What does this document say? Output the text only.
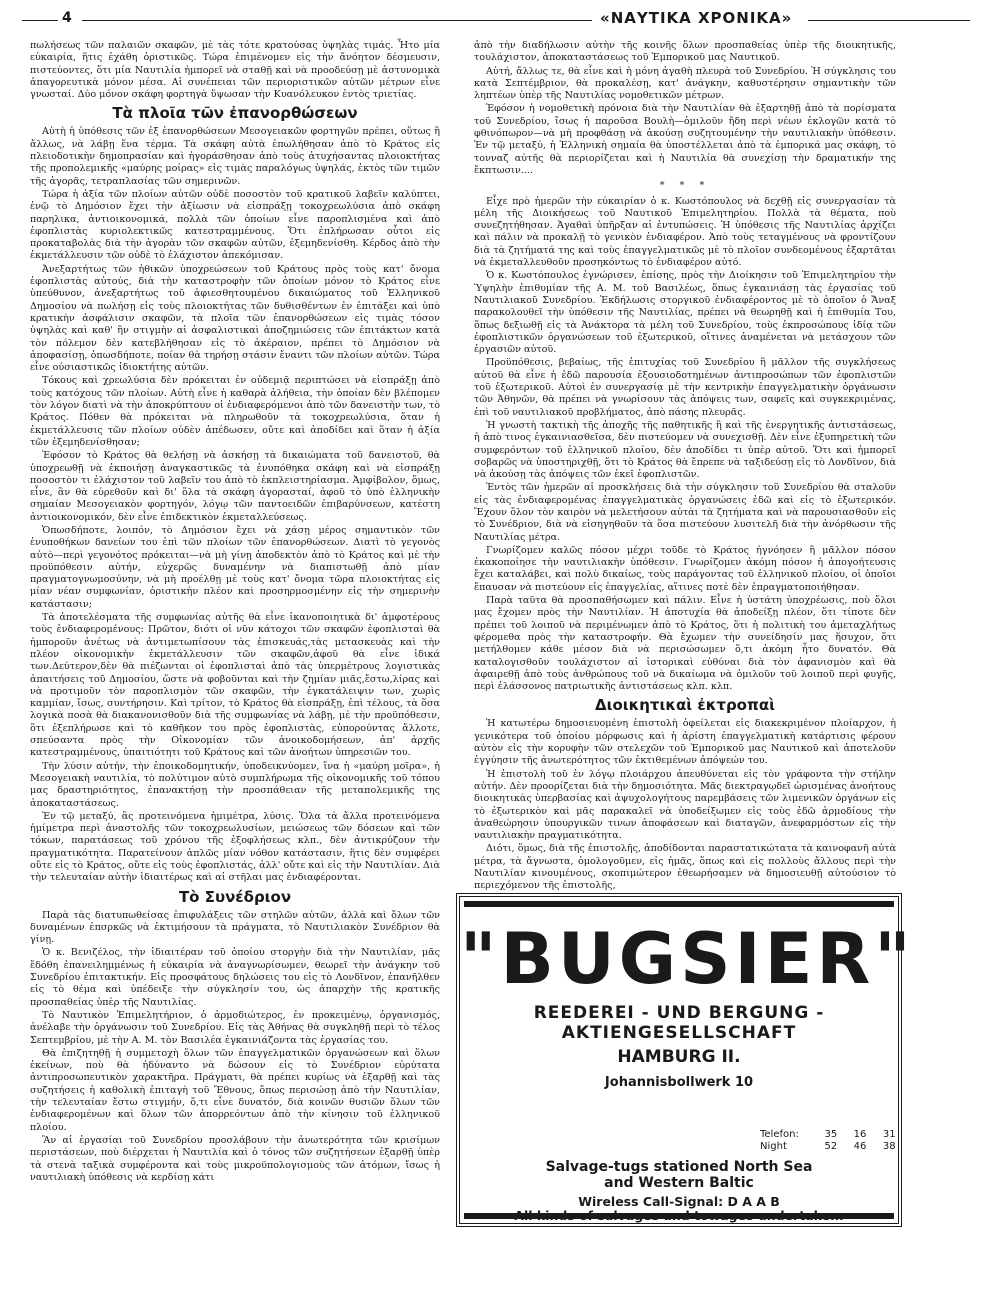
4	«ΝΑΥΤΙΚΑ ΧΡΟΝΙΚΑ»

πωλήσεως τῶν παλαιῶν σκαφῶν, μὲ τὰς τότε κρατούσας ὑψηλὰς τιμάς. Ἦτο μία εὐκαιρία, ἥτις ἐχάθη ὁριστικῶς. Τώρα ἐπιμένομεν εἰς τὴν ἄνόητον δέσμευσιν, πιστεύοντες, ὅτι μία Ναυτιλία ἠμπορεῖ νὰ σταθῇ καὶ νὰ προοδεύσῃ μὲ ἀστυνομικὰ ἀπαγορευτικὰ μόνον μέσα. Αἱ συνέπειαι τῶν περιοριστικῶν αὐτῶν μέτρων εἶνε γνωσταί. Δύο μόνον σκάφη φορτηγὰ ὕψωσαν τὴν Κυανόλευκον ἐντὸς τριετίας.

Τὰ πλοῖα τῶν ἐπανορθώσεων

Αὐτὴ ἡ ὑπόθεσις τῶν ἐξ ἐπανορθώσεων Μεσογειακῶν φορτηγῶν πρέπει, οὕτως ἢ ἄλλως, νὰ λάβῃ ἕνα τέρμα. Τὰ σκάφη αὐτὰ ἐπωλήθησαν ἀπὸ τὸ Κράτος εἰς πλειοδοτικὴν δημοπρασίαν καὶ ἠγοράσθησαν ἀπὸ τοὺς ἀτυχήσαντας πλοιοκτήτας τῆς προπολεμικῆς «μαύρης μοίρας» εἰς τιμὰς παραλόγως ὑψηλάς, ἐκτὸς τῶν τιμῶν τῆς ἀγορᾶς, τετραπλασίας τῶν σημερινῶν.

Τώρα ἡ ἀξία τῶν πλοίων αὐτῶν οὐδὲ ποσοστὸν τοῦ κρατικοῦ λαβεῖν καλύπτει, ἐνῷ τὸ Δημόσιον ἔχει τὴν ἀξίωσιν νὰ εἰσπράξῃ τοκοχρεωλύσια ἀπὸ σκάφη παρηλικα, ἀντιοικονομικά, πολλὰ τῶν ὁποίων εἶνε παροπλισμένα καὶ ἀπὸ ἐφοπλιστὰς κυριολεκτικῶς κατεστραμμένους. Ὅτι ἐπλήρωσαν οὗτοι εἰς προκαταβολὰς διὰ τὴν ἀγορὰν τῶν σκαφῶν αὐτῶν, ἐξεμηδενίσθη. Κέρδος ἀπὸ τὴν ἐκμετάλλευσιν τῶν οὐδὲ τὸ ἐλάχιστον ἀπεκόμισαν.

Ἀνεξαρτήτως τῶν ἠθικῶν ὑποχρεώσεων τοῦ Κράτους πρὸς τοὺς κατ' ὄνομα ἐφοπλιστὰς αὐτούς, διὰ τὴν καταστροφὴν τῶν ὁποίων μόνον τὸ Κράτος εἶνε ὑπεύθυνον, ἀνεξαρτήτως τοῦ ἀφιεσθητουμένου δικαιώματος τοῦ Ἑλληνικοῦ Δημοσίου νὰ πωλήσῃ εἰς τοὺς πλοιοκτήτας τῶν δυθισθέντων ἐν ἐπιτάξει καὶ ὑπὸ κρατικὴν ἀσφάλισιν σκαφῶν, τὰ πλοῖα τῶν ἐπανορθώσεων εἰς τιμὰς τόσον ὑψηλὰς καὶ καθ' ἣν στιγμὴν αἱ ἀσφαλιστικαὶ ἀποζημιώσεις τῶν ἐπιτάκτων κατὰ τὸν πόλεμον δὲν κατεβλήθησαν εἰς τὸ ἀκέραιον, πρέπει τὸ Δημόσιον νὰ ἀποφασίσῃ, ὁπωσδήποτε, ποίαν θὰ τηρήσῃ στάσιν ἔναντι τῶν πλοίων αὐτῶν. Τώρα εἶνε ούσιαστικῶς ἰδιοκτήτης αὐτῶν.

Τόκους καὶ χρεωλύσια δὲν πρόκειται ἐν οὐδεμιᾷ περιπτώσει νὰ εἰσπράξῃ ἀπὸ τοὺς κατόχους τῶν πλοίων. Αὐτὴ εἶνε ἡ καθαρὰ ἀλήθεια, τὴν ὁποίαν δὲν βλέπομεν τὸν λόγον διατὶ νὰ τὴν ἀποκρύπτουν οἱ ἐνδιαφερόμενοι ἀπὸ τῶν δανειστὴν των, τὸ Κράτος. Πόθεν θὰ πρόκειται νὰ πληρωθοῦν τὰ τοκοχρεωλύσια, ὅταν ἡ ἐκμετάλλευσις τῶν πλοίων οὐδὲν ἀπέδωσεν, οὔτε καὶ ἀποδίδει καὶ ὅταν ἡ ἀξία τῶν ἐξεμηδενίσθησαν;

Ἐφόσον τὸ Κράτος θὰ θελήσῃ νὰ ἀσκήσῃ τὰ δικαιώματα τοῦ δανειστοῦ, θὰ ὑποχρεωθῇ νὰ ἐκποιήσῃ ἀναγκαστικῶς τὰ ἐνυπόθηκα σκάφη καὶ νὰ εἰσπράξῃ ποσοστὸν τι ἐλάχιστον τοῦ λαβεῖν του ἀπὸ τὸ ἐκπλειστηρίασμα. Ἀμφίβολον, ὅμως, εἶνε, ἂν θὰ εὑρεθοῦν καὶ δι' ὅλα τὰ σκάφη ἀγορασταί, ἀφοῦ τὸ ὑπὸ ἑλληνικὴν σημαίαν Μεσογειακὸν φορτηγόν, λόγῳ τῶν παντοειδῶν ἐπιβαρύνσεων, κατέστη ἀντιοικονομικόν, δὲν εἶνε ἐπιδεκτικὸν ἐκμεταλλεύσεως.

Ὁπωσδήποτε, λοιπόν, τὸ Δημόσιον ἔχει νὰ χάσῃ μέρος σημαντικὸν τῶν ἐνυποθήκων δανείων του ἐπὶ τῶν πλοίων τῶν ἐπανορθώσεων. Διατὶ τὸ γεγονὸς αὐτὸ—περὶ γεγονότος πρόκειται—νὰ μὴ γίνῃ ἀποδεκτὸν ἀπὸ τὸ Κράτος καὶ μὲ τὴν προϋπόθεσιν αὐτήν, εὐχερῶς δυναμένην νὰ διαπιστωθῇ ἀπὸ μίαν πραγματογνωμοσύνην, νὰ μὴ προέλθῃ μὲ τοὺς κατ' ὄνομα τῶρα πλοιοκτήτας εἰς μίαν νέαν συμφωνίαν, ὁριστικὴν πλέον καὶ προσηρμοσμένην εἰς τὴν σημερινὴν κατάστασιν;

Τὰ ἀποτελέσματα τῆς συμφωνίας αὐτῆς θὰ εἶνε ἱκανοποιητικὰ δι' ἀμφοτέρους τοὺς ἐνδιαφερομένους: Πρῶτον, διότι οἱ νῦν κάτοχοι τῶν σκαφῶν ἐφοπλισταὶ θὰ ἠμποροῦν ἀνέτως νὰ ἀντιμετωπίσουν τὰς ἐπισκευάς,τὰς μετασκευὰς καὶ τὴν πλέον οἰκονομικὴν ἐκμετάλλευσιν τῶν σκαφῶν,ἀφοῦ θὰ εἶνε ἰδικά των.Δεύτερον,δὲν θὰ πιέζωνται οἱ ἐφοπλισταὶ ἀπὸ τὰς ὑπερμέτρους λογιστικὰς ἀπαιτήσεις τοῦ Δημοσίου, ὥστε νὰ φοβοῦνται καὶ τὴν ζημίαν μιᾶς,ἔστω,λίρας καὶ νὰ προτιμοῦν τὸν παροπλισμὸν τῶν σκαφῶν, τὴν ἐγκατάλειψιν των, χωρὶς καμμίαν, ἴσως, συντήρησιν. Καὶ τρίτον, τὸ Κράτος θὰ εἰσπράξῃ, ἐπὶ τέλους, τὰ ὅσα λογικὰ ποσὰ θὰ διακανονισθοῦν διὰ τῆς συμφωνίας νὰ λάβῃ, μὲ τὴν προϋπόθεσιν, ὅτι ἐξεπλήρωσε καὶ τὸ καθῆκον του πρὸς ἐφοπλιστὰς, εὐπορούντας ἄλλοτε, σπεύσαντα πρὸς τὴν Οἰκονομίαν τῶν ἀνοικοδομήσεων, ἀπ' ἀρχῆς κατεστραμμένους, ὑπαιτιότητι τοῦ Κράτους καὶ τῶν ἀνοήτων ὑπηρεσιῶν του.

Τὴν λύσιν αὐτήν, τὴν ἐποικοδομητικήν, ὑποδεικνύομεν, ἵνα ἡ «μαύρη μοῖρα», ἡ Μεσογειακὴ ναυτιλία, τὸ πολύτιμον αὐτὸ συμπλήρωμα τῆς οἰκονομικῆς τοῦ τόπου μας δραστηριότητος, ἐπανακτήσῃ τὴν προσπάθειαν τῆς μεταπολεμικῆς της ἀποκαταστάσεως.

Ἐν τῷ μεταξύ, ἂς προτεινόμενα ἡμιμέτρα, λύσις. Ὅλα τὰ ἄλλα προτεινόμενα ἡμίμετρα περὶ ἀναστολῆς τῶν τοκοχρεωλυσίων, μειώσεως τῶν δόσεων καὶ τῶν τόκων, παρατάσεως τοῦ χρόνου τῆς ἐξοφλήσεως κλπ., δὲν ἀντικρύζουν τὴν πραγματικότητα. Παρατείνουν ἁπλῶς μίαν νόθον κατάστασιν, ἥτις δὲν συμφέρει οὔτε εἰς τὸ Κράτος, οὔτε εἰς τοὺς ἐφοπλιστάς, ἀλλ' οὔτε καὶ εἰς τὴν Ναυτιλίαν. Διὰ τὴν τελευταίαν αὐτὴν ἰδιαιτέρως καὶ αἱ στῆλαι μας ἐνδιαφέρονται.

Τὸ Συνέδριον

Παρὰ τὰς διατυπωθείσας ἐπιφυλάξεις τῶν στηλῶν αὐτῶν, ἀλλὰ καὶ ὅλων τῶν δυναμένων ἐπσρκῶς νὰ ἐκτιμήσουν τὰ πράγματα, τὸ Ναυτιλιακὸν Συνέδριον θὰ γίνῃ.

Ὁ κ. Βενιζέλος, τὴν ἰδιαιτέραν τοῦ ὁποίου στοργὴν διὰ τὴν Ναυτιλίαν, μᾶς ἔδόθη ἐπανειλημμένως ἡ εὐκαιρία νὰ ἀναγνωρίσωμεν, θεωρεῖ τὴν ἀνάγκην τοῦ Συνεδρίου ἐπιτακτικήν. Εἰς προσφάτους δηλώσεις του εἰς τὸ Λονδῖνον, ἐπανῆλθεν εἰς τὸ θέμα καὶ ὑπέδειξε τὴν σύγκλησίν του, ὡς ἀπαρχὴν τῆς κρατικῆς προσπαθείας ὑπὲρ τῆς Ναυτιλίας.

Τὸ Ναυτικὸν Ἐπιμελητήριον, ὁ ἁρμοδιώτερος, ἐν προκειμένῳ, ὀργανισμός, ἀνέλαβε τὴν ὀργάνωσιν τοῦ Συνεδρίου. Εἰς τὰς Ἀθήνας θὰ συγκληθῇ περὶ τὸ τέλος Σεπτεμβρίου, μὲ τὴν Α. Μ. τὸν Βασιλέα ἐγκαινιάζοντα τὰς ἐργασίας του.

Θὰ ἐπιζητηθῇ ἡ συμμετοχὴ ὅλων τῶν ἐπαγγελματικῶν ὀργανώσεων καὶ ὅλων ἐκείνων, ποὺ θὰ ἠδύναντο νὰ δώσουν εἰς τὸ Συνέδριον εὐρύτατα ἀντιπροσωπευτικὸν χαρακτῆρα. Πράγματι, θὰ πρέπει κυρίως νὰ ἐξαρθῇ καὶ τὰς συζητήσεις ἡ καθολικὴ ἐπιταγὴ τοῦ Ἔθνους, ὅπως περισώσῃ ἀπὸ τὴν Ναυτιλίαν, τὴν τελευταίαν ἔστω στιγμήν, ὅ,τι εἶνε δυνατόν, διὰ κοινῶν θυσιῶν ὅλων τῶν ἐνδιαφερομένων καὶ ὅλων τῶν ἀπορρεόντων ἀπὸ τὴν κίνησιν τοῦ ἑλληνικοῦ πλοίου.

Ἂν αἱ ἐργασίαι τοῦ Συνεδρίου προσλάβουν τὴν ἀνωτερότητα τῶν κρισίμων περιστάσεων, ποὺ διέρχεται ἡ Ναυτιλία καὶ ὁ τόνος τῶν συζητήσεων ἐξαρθῇ ὑπὲρ τὰ στενὰ ταξικὰ συμφέροντα καὶ τοὺς μικροϋπολογισμοὺς τῶν ἀτόμων, ἴσως ἡ ναυτιλιακὴ ὑπόθεσις νὰ κερδίσῃ κάτι

ἀπὸ τὴν διαδήλωσιν αὐτὴν τῆς κοινῆς ὅλων προσπαθείας ὑπὲρ τῆς διοικητικῆς, τουλάχιστον, ἀποκαταστάσεως τοῦ Ἐμπορικοῦ μας Ναυτικοῦ.

Αὐτή, ἄλλως τε, θὰ εἶνε καὶ ἡ μόνη ἀγαθὴ πλευρὰ τοῦ Συνεδρίου. Ἡ σύγκλησις του κατὰ Σεπτέμβριον, θὰ προκαλέσῃ, κατ' ἀνάγκην, καθυστέρησιν σημαντικὴν τῶν ληπτέων ὑπὲρ τῆς Ναυτιλίας νομοθετικῶν μέτρων.

Ἐφόσον ἡ νομοθετικὴ πρόνοια διὰ τὴν Ναυτιλίαν θὰ ἐξαρτηθῇ ἀπὸ τὰ πορίσματα τοῦ Συνεδρίου, ἴσως ἡ παροῦσα Βουλὴ—ὁμιλοῦν ἤδη περὶ νέων ἐκλογῶν κατὰ τὸ φθινόπωρον—νὰ μὴ προφθάσῃ νὰ ἀκούσῃ συζητουμένην τὴν ναυτιλιακὴν ὑπόθεσιν. Ἐν τῷ μεταξύ, ἡ Ἑλληνικὴ σημαία θὰ ὑποστέλλεται ἀπὸ τὰ ἐμπορικά μας σκάφη, τὸ τονναζ αὐτῆς θὰ περιορίζεται καὶ ἡ Ναυτιλία θὰ συνεχίσῃ τὴν δραματικήν της ἔκπτωσιν....

* * *

Εἶχε πρὸ ἡμερῶν τὴν εὐκαιρίαν ὁ κ. Κωστόπουλος νὰ δεχθῇ εἰς συνεργασίαν τὰ μέλη τῆς Διοικήσεως τοῦ Ναυτικοῦ Ἐπιμελητηρίου. Πολλὰ τὰ θέματα, ποὺ συνεζητήθησαν. Ἀγαθαὶ ὑπῆρξαν αἱ ἐντυπώσεις. Ἡ ὑπόθεσις τῆς Ναυτιλίας ἀρχίζει καὶ πάλιν νὰ προκαλῇ τὸ γενικὸν ἐνδιαφέρον. Ἀπὸ τοὺς τεταγμένους νὰ φροντίζουν διὰ τὰ ζητήματά της καὶ τοὺς ἐπαγγελματικῶς μὲ τὸ πλοῖον συνδεομένους ἐξαρτᾶται νὰ ἐκμεταλλευθοῦν προσηκόντως τὸ ἐνδιαφέρον αὐτό.

Ὁ κ. Κωστόπουλος ἐγνώρισεν, ἐπίσης, πρὸς τὴν Διοίκησιν τοῦ Ἐπιμελητηρίου τὴν Ὑψηλὴν ἐπιθυμίαν τῆς Α. Μ. τοῦ Βασιλέως, ὅπως ἐγκαινιάσῃ τὰς ἐργασίας τοῦ Ναυτιλιακοῦ Συνεδρίου. Ἐκδήλωσις στοργικοῦ ἐνδιαφέροντος μὲ τὸ ὁποῖον ὁ Ἄναξ παρακολουθεῖ τὴν ὑπόθεσιν τῆς Ναυτιλίας, πρέπει νὰ θεωρηθῇ καὶ ἡ ἐπιθυμία Του, ὅπως δεξιωθῇ εἰς τὰ Ἀνάκτορα τὰ μέλη τοῦ Συνεδρίου, τοὺς ἐκπροσώπους ἰδίᾳ τῶν ἐφοπλιστικῶν ὀργανώσεων τοῦ ἐξωτερικοῦ, οἵτινες ἀναμένεται νὰ μετάσχουν τῶν ἐργασιῶν αὐτοῦ.

Προϋπόθεσις, βεβαίως, τῆς ἐπιτυχίας τοῦ Συνεδρίου ἢ μᾶλλον τῆς συγκλήσεως αὐτοῦ θὰ εἶνε ἡ ἐδῶ παρουσία ἐξουσιοδοτημένων ἀντιπροσώπων τῶν ἐφοπλιστῶν τοῦ ἐξωτερικοῦ. Αὐτοὶ ἐν συνεργασίᾳ μὲ τὴν κεντρικὴν ἐπαγγελματικὴν ὀργάνωσιν τῶν Ἀθηνῶν, θὰ πρέπει νὰ γνωρίσουν τὰς ἀπόψεις των, σαφεῖς καὶ συγκεκριμένας, ἐπὶ τοῦ ναυτιλιακοῦ προβλήματος, ἀπὸ πάσης πλευρᾶς.

Ἡ γνωστὴ τακτικὴ τῆς ἀποχῆς τῆς παθητικῆς ἢ καὶ τῆς ἐνεργητικῆς ἀντιστάσεως, ἡ ἀπὸ τινος ἐγκαινιασθεῖσα, δὲν πιστεύομεν νὰ συνεχισθῇ. Δὲν εἶνε ἐξυπηρετικὴ τῶν συμφερόντων τοῦ ἑλληνικοῦ πλοίου, δὲν ἀποδίδει τι ὑπὲρ αὐτοῦ. Ὅτι καὶ ἠμπορεῖ σοβαρῶς νὰ ὑποστηριχθῇ, ὅτι τὸ Κράτος θὰ ἔπρεπε νὰ ταξιδεύσῃ εἰς τὸ Λονδῖνον, διὰ νὰ ἀκούσῃ τὰς ἀπόψεις τῶν ἐκεῖ ἐφοπλιστῶν.

Ἐντὸς τῶν ἡμερῶν αἱ προσκλήσεις διὰ τὴν σύγκλησιν τοῦ Συνεδρίου θὰ σταλοῦν εἰς τὰς ἐνδιαφερομένας ἐπαγγελματικὰς ὀργανώσεις ἐδῶ καὶ εἰς τὸ ἐξωτερικόν. Ἔχουν ὅλον τὸν καιρὸν νὰ μελετήσουν αὐτὰι τὰ ζητήματα καὶ νὰ παρουσιασθοῦν εἰς τὸ Συνέδριον, διὰ νὰ εἰσηγηθοῦν τὰ ὅσα πιστεύουν λυσιτελῆ διὰ τὴν ἀνόρθωσιν τῆς Ναυτιλίας μέτρα.

Γνωρίζομεν καλῶς πόσον μέχρι τοῦδε τὸ Κράτος ἠγνόησεν ἢ μᾶλλον πόσον ἐκακοποίησε τὴν ναυτιλιακὴν ὑπόθεσιν. Γνωρίζομεν ἀκόμη πόσον ἡ ἀπογοήτευσις ἔχει καταλάβει, καὶ πολὺ δικαίως, τοὺς παράγοντας τοῦ ἑλληνικοῦ πλοίου, οἱ ὁποῖοι ἔπαυσαν νὰ πιστεύουν εἰς ἐπαγγελίας, αἵτινες ποτὲ δὲν ἐπραγματοποιήθησαν.

Παρὰ ταῦτα θὰ προσπαθήσωμεν καὶ πάλιν. Εἶνε ἡ ὑστάτη ὑποχρέωσις, ποὺ ὅλοι μας ἔχομεν πρὸς τὴν Ναυτιλίαν. Ἡ ἀποτυχία θὰ ἀποδείξῃ πλέον, ὅτι τίποτε δὲν πρέπει τοῦ λοιποῦ νὰ περιμένωμεν ἀπὸ τὸ Κράτος, ὅτι ἡ πολιτικὴ του ἀμεταχλήτως φέρομεθα πρὸς τὴν καταστροφήν. Θὰ ἔχωμεν τὴν συνείδησίν μας ἥσυχον, ὅτι μετήλθομεν κάθε μέσον διὰ νὰ περισώσωμεν ὅ,τι ἀκόμη ἦτο δυνατόν. Θὰ καταλογισθοῦν τουλάχιστον αἱ ἱστορικαὶ εὐθύναι διὰ τὸν ἀφανισμὸν καὶ θὰ ἀφαιρεθῇ ἀπὸ τοὺς ἀνθρώπους τοῦ νὰ δικαίωμα νὰ ὁμιλοῦν τοῦ λοιποῦ περὶ φυγῆς, περὶ ἐλάσσονος πατριωτικῆς ἀντιστάσεως κλπ. κλπ.

Διοικητικαὶ ἐκτροπαὶ

Ἡ κατωτέρω δημοσιευομένη ἐπιστολὴ ὀφείλεται εἰς διακεκριμένον πλοίαρχον, ἡ γενικότερα τοῦ ὁποίου μόρφωσις καὶ ἡ ἀρίστη ἐπαγγελματικὴ κατάρτισις φέρουν αὐτὸν εἰς τὴν κορυφὴν τῶν στελεχῶν τοῦ Ἐμπορικοῦ μας Ναυτικοῦ καὶ ἀποτελοῦν ἐγγύησιν τῆς ἀνωτερότητος τῶν ἐκτιθεμένων ἀπόψεών του.

Ἡ ἐπιστολὴ τοῦ ἐν λόγῳ πλοιάρχου ἀπευθύνεται εἰς τὸν γράφοντα τὴν στήλην αὐτήν. Δὲν προορίζεται διὰ τὴν δημοσιότητα. Μᾶς διεκτραγῳδεῖ ὡρισμένας ἀνοήτους διοικητικὰς ὑπερβασίας καὶ ἀψυχολογήτους παρεμβάσεις τῶν λιμενικῶν ὀργάνων εἰς τὸ ἐξωτερικὸν καὶ μᾶς παρακαλεῖ νὰ ὑποδείξωμεν εἰς τοὺς ἐδῶ ἁρμοδίους τὴν ἀναθεώρησιν ὑπουργικῶν τινων ἀποφάσεων καὶ διαταγῶν, ἀνεφαρμόστων εἰς τὴν ναυτιλιακὴν πραγματικότητα.

Διότι, ὅμως, διὰ τῆς ἐπιστολῆς, ἀποδίδονται παραστατικώτατα τὰ καινοφανῆ αὐτὰ μέτρα, τὰ ἄγνωστα, ὁμολογοῦμεν, εἰς ἡμᾶς, ὅπως καὶ εἰς πολλοὺς ἄλλους περὶ τὴν Ναυτιλίαν κινουμένους, σκοπιμώτερον ἐθεωρήσαμεν νὰ δημοσιευθῇ αὐτούσιον τὸ περιεχόμενον τῆς ἐπιστολῆς,

"BUGSIER"
REEDEREI - UND BERGUNG - AKTIENGESELLSCHAFT
HAMBURG II.
Johannisbollwerk 10
Telefon:	35 16 31
Night	52 46 38
Salvage-tugs stationed North Sea
and Western Baltic
Wireless Call-Signal: D A A B
All kinds of salvages and towages undertaken.
